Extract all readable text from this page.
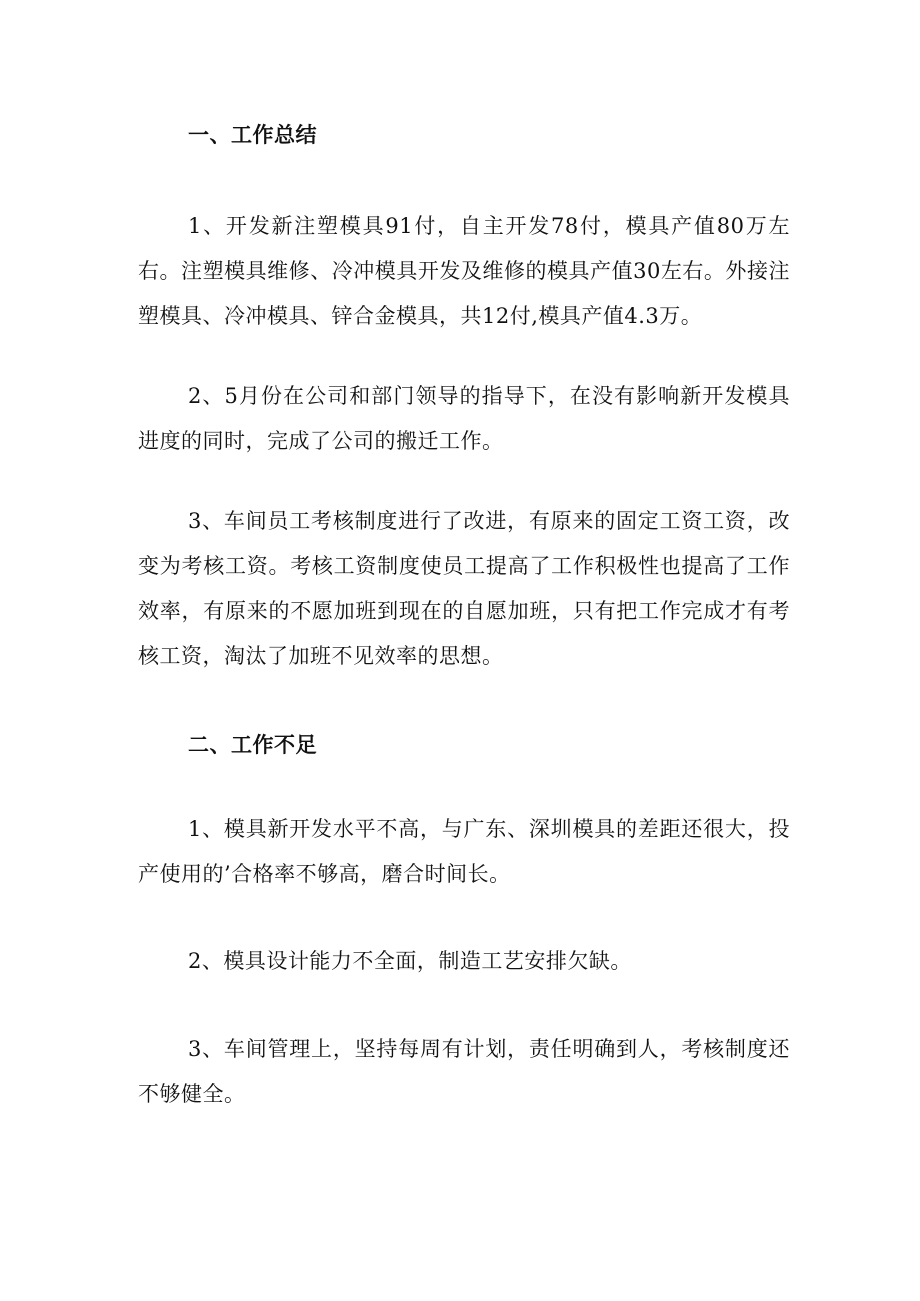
一、工作总结

1、开发新注塑模具91付，自主开发78付，模具产值80万左右。注塑模具维修、冷冲模具开发及维修的模具产值30左右。外接注塑模具、冷冲模具、锌合金模具，共12付,模具产值4.3万。

2、5月份在公司和部门领导的指导下，在没有影响新开发模具进度的同时，完成了公司的搬迁工作。

3、车间员工考核制度进行了改进，有原来的固定工资工资，改变为考核工资。考核工资制度使员工提高了工作积极性也提高了工作效率，有原来的不愿加班到现在的自愿加班，只有把工作完成才有考核工资，淘汰了加班不见效率的思想。

二、工作不足

1、模具新开发水平不高，与广东、深圳模具的差距还很大，投产使用的’合格率不够高，磨合时间长。

2、模具设计能力不全面，制造工艺安排欠缺。

3、车间管理上，坚持每周有计划，责任明确到人，考核制度还不够健全。
